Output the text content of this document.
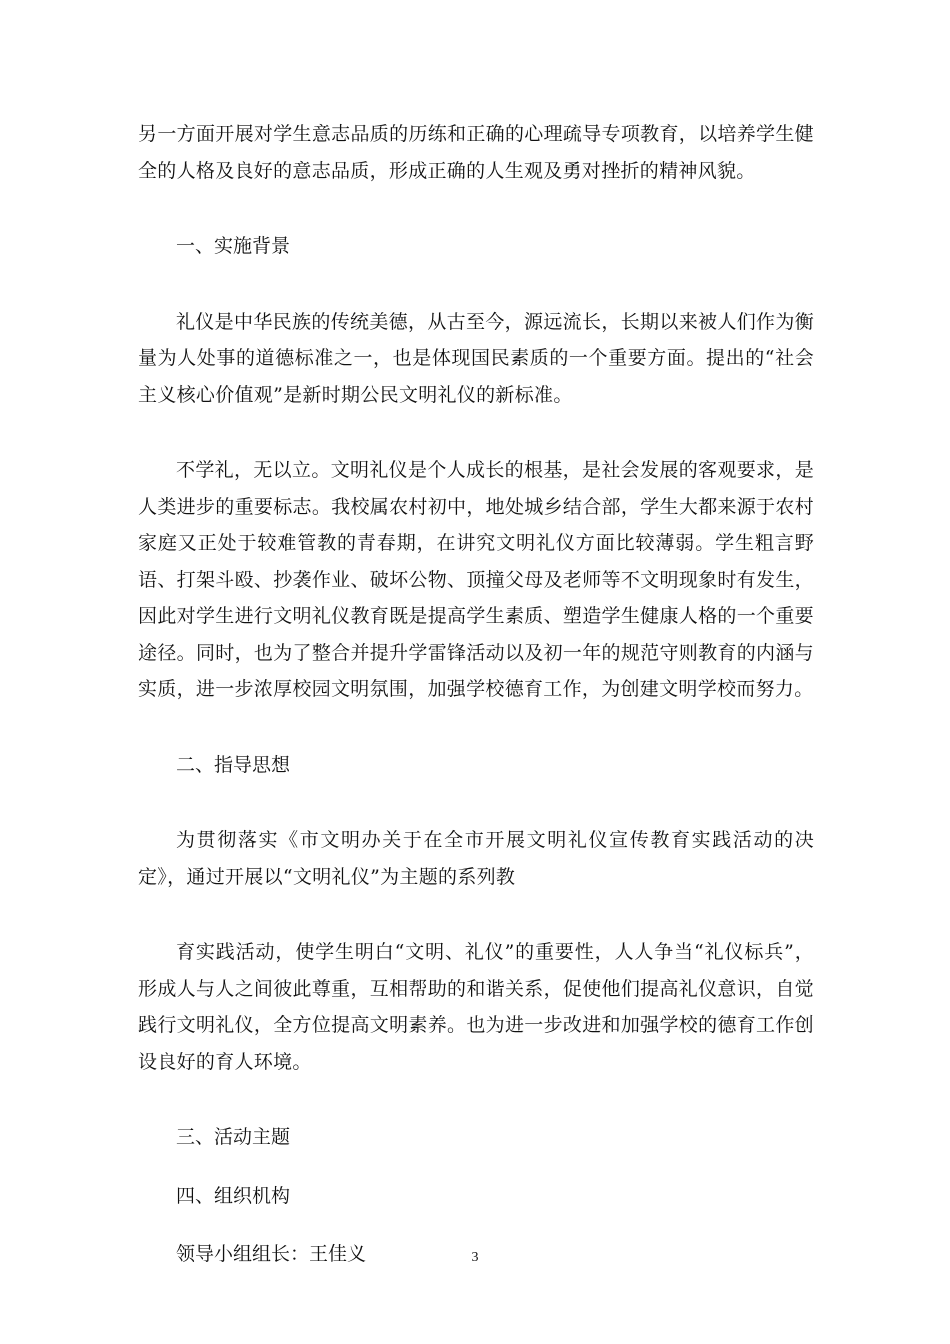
另一方面开展对学生意志品质的历练和正确的心理疏导专项教育，以培养学生健全的人格及良好的意志品质，形成正确的人生观及勇对挫折的精神风貌。

一、实施背景

礼仪是中华民族的传统美德，从古至今，源远流长，长期以来被人们作为衡量为人处事的道德标准之一，也是体现国民素质的一个重要方面。提出的“社会主义核心价值观”是新时期公民文明礼仪的新标准。

不学礼，无以立。文明礼仪是个人成长的根基，是社会发展的客观要求，是人类进步的重要标志。我校属农村初中，地处城乡结合部，学生大都来源于农村家庭又正处于较难管教的青春期，在讲究文明礼仪方面比较薄弱。学生粗言野语、打架斗殴、抄袭作业、破坏公物、顶撞父母及老师等不文明现象时有发生，因此对学生进行文明礼仪教育既是提高学生素质、塑造学生健康人格的一个重要途径。同时，也为了整合并提升学雷锋活动以及初一年的规范守则教育的内涵与实质，进一步浓厚校园文明氛围，加强学校德育工作，为创建文明学校而努力。

二、指导思想

为贯彻落实《市文明办关于在全市开展文明礼仪宣传教育实践活动的决定》，通过开展以“文明礼仪”为主题的系列教

育实践活动，使学生明白“文明、礼仪”的重要性，人人争当“礼仪标兵”，形成人与人之间彼此尊重，互相帮助的和谐关系，促使他们提高礼仪意识，自觉践行文明礼仪，全方位提高文明素养。也为进一步改进和加强学校的德育工作创设良好的育人环境。

三、活动主题

四、组织机构

领导小组组长：王佳义	3
